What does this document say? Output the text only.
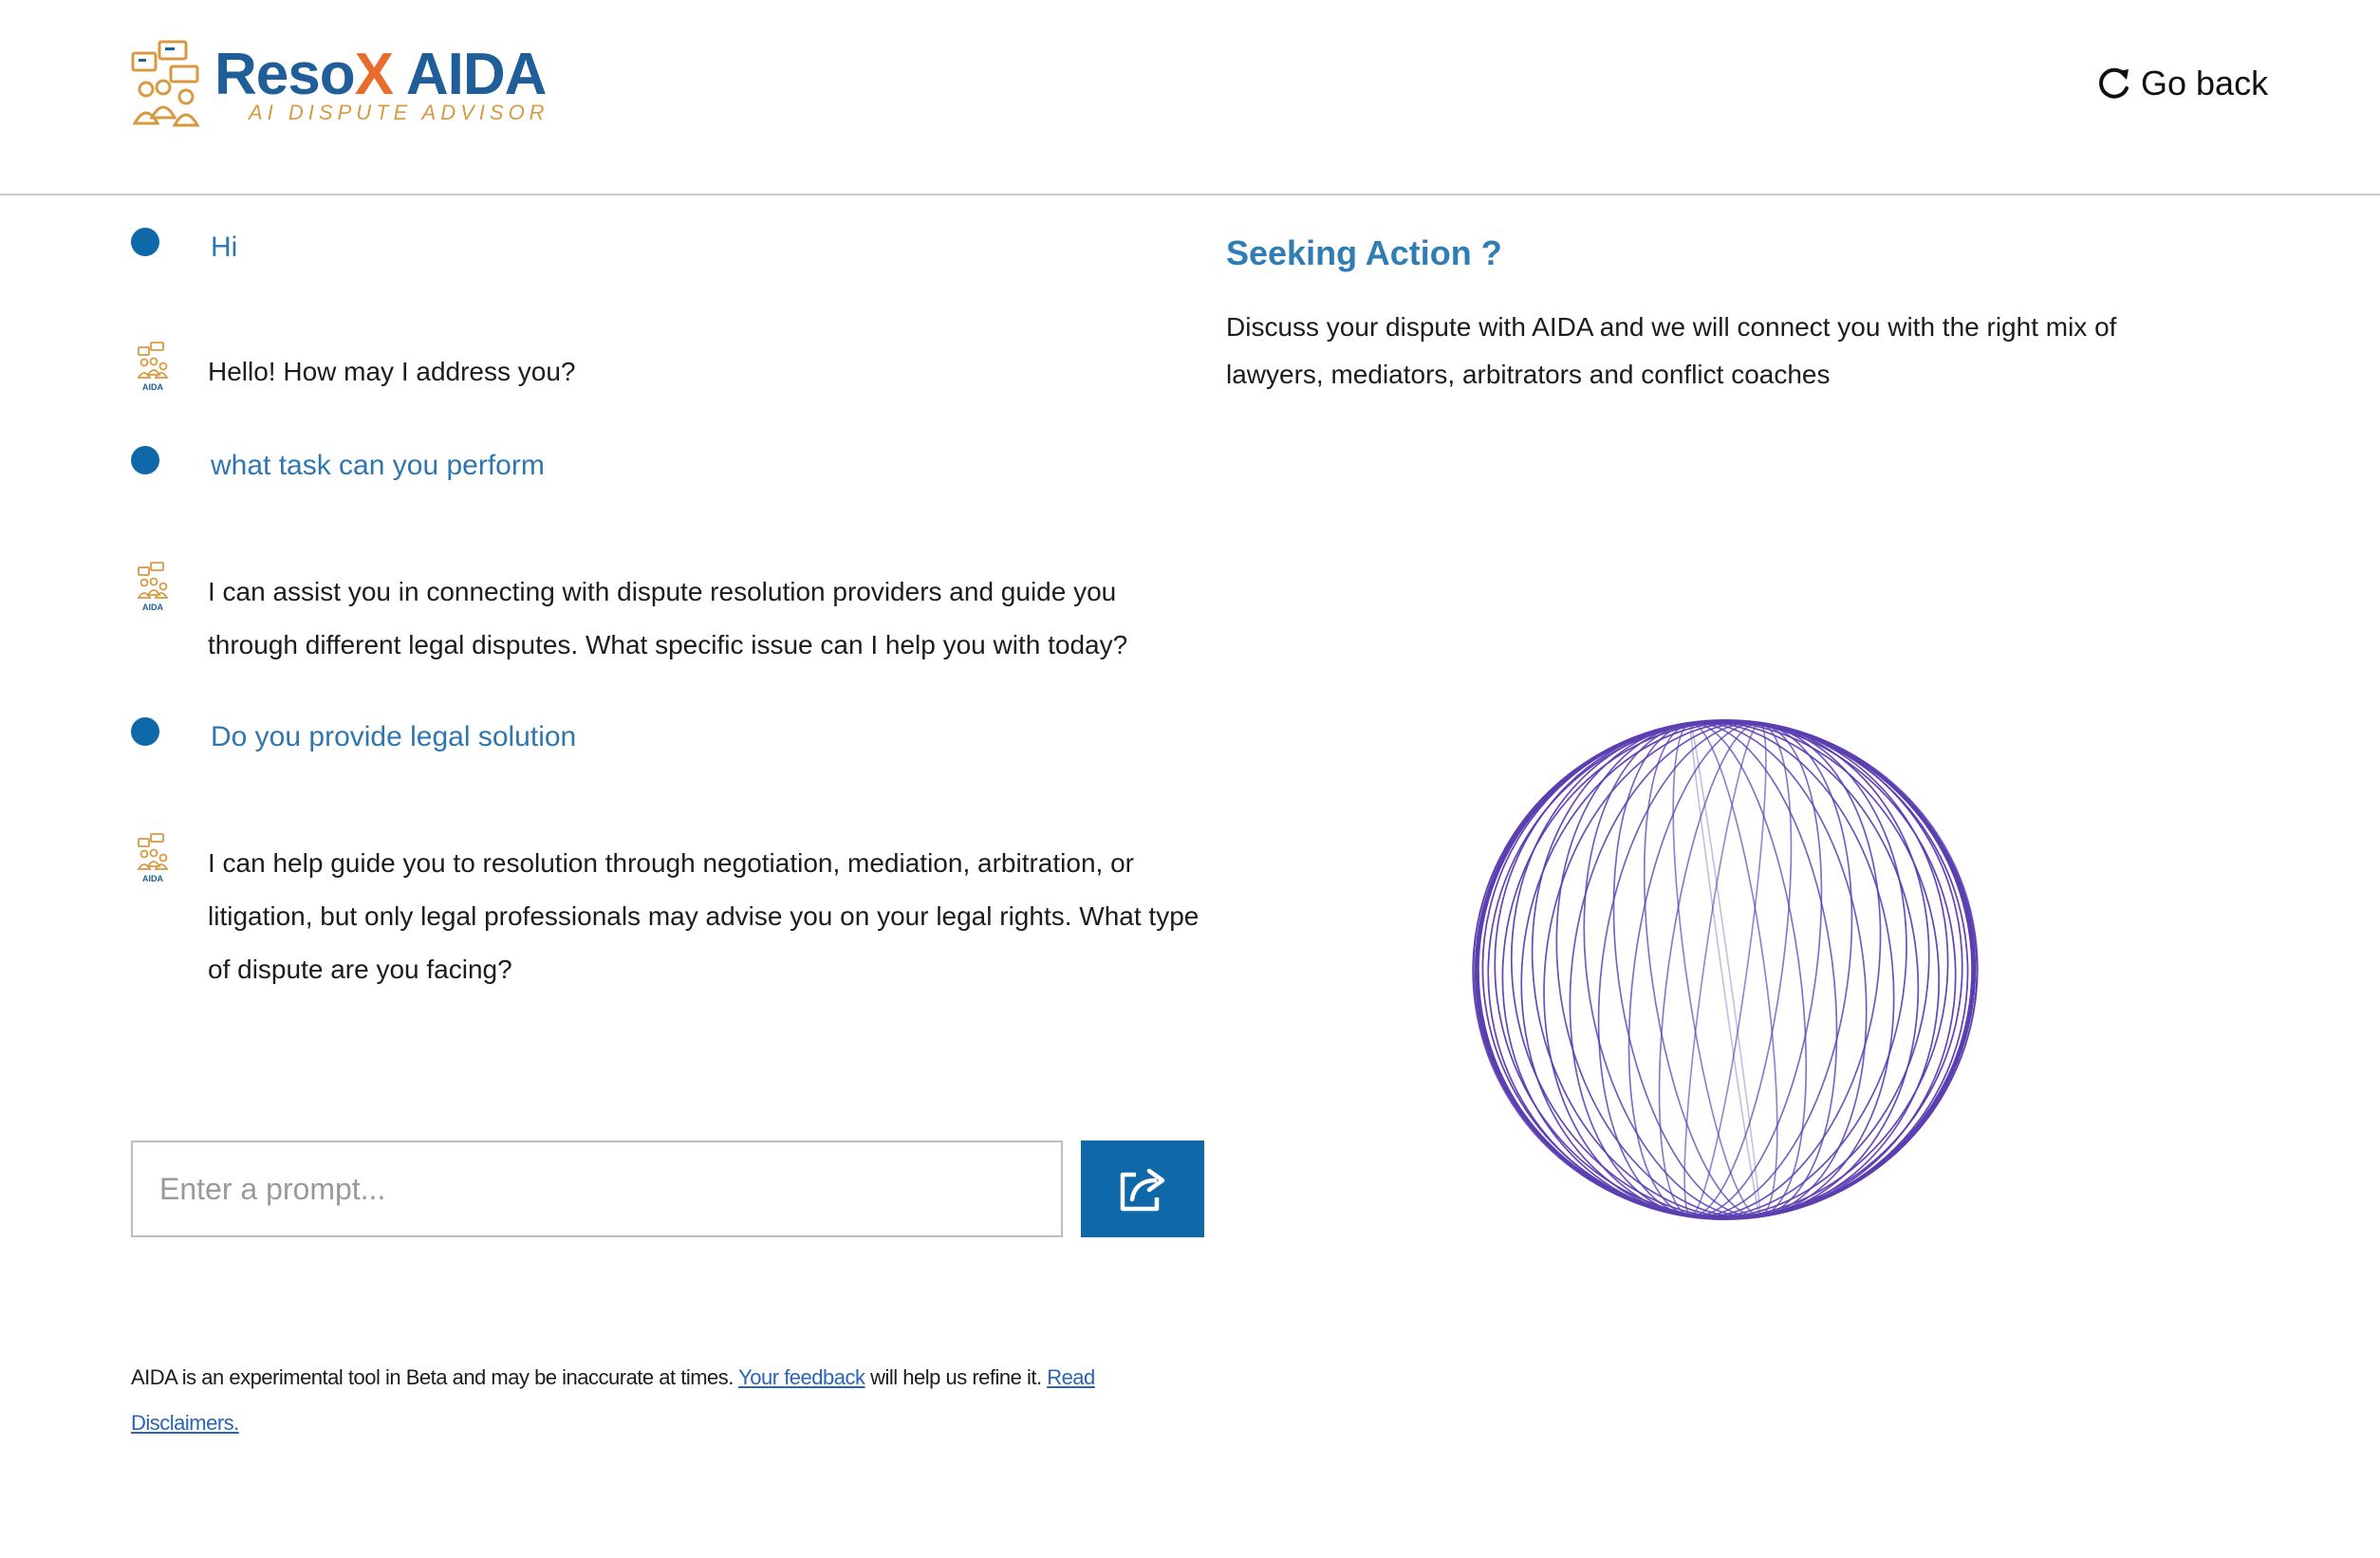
ResoX AIDA
AI DISPUTE ADVISOR
Go back
Hi
AIDA
Hello! How may I address you?
what task can you perform
AIDA
I can assist you in connecting with dispute resolution providers and guide you through different legal disputes. What specific issue can I help you with today?
Do you provide legal solution
AIDA
I can help guide you to resolution through negotiation, mediation, arbitration, or litigation, but only legal professionals may advise you on your legal rights. What type of dispute are you facing?
Enter a prompt...
AIDA is an experimental tool in Beta and may be inaccurate at times. Your feedback will help us refine it. Read Disclaimers.
Seeking Action ?
Discuss your dispute with AIDA and we will connect you with the right mix of lawyers, mediators, arbitrators and conflict coaches
